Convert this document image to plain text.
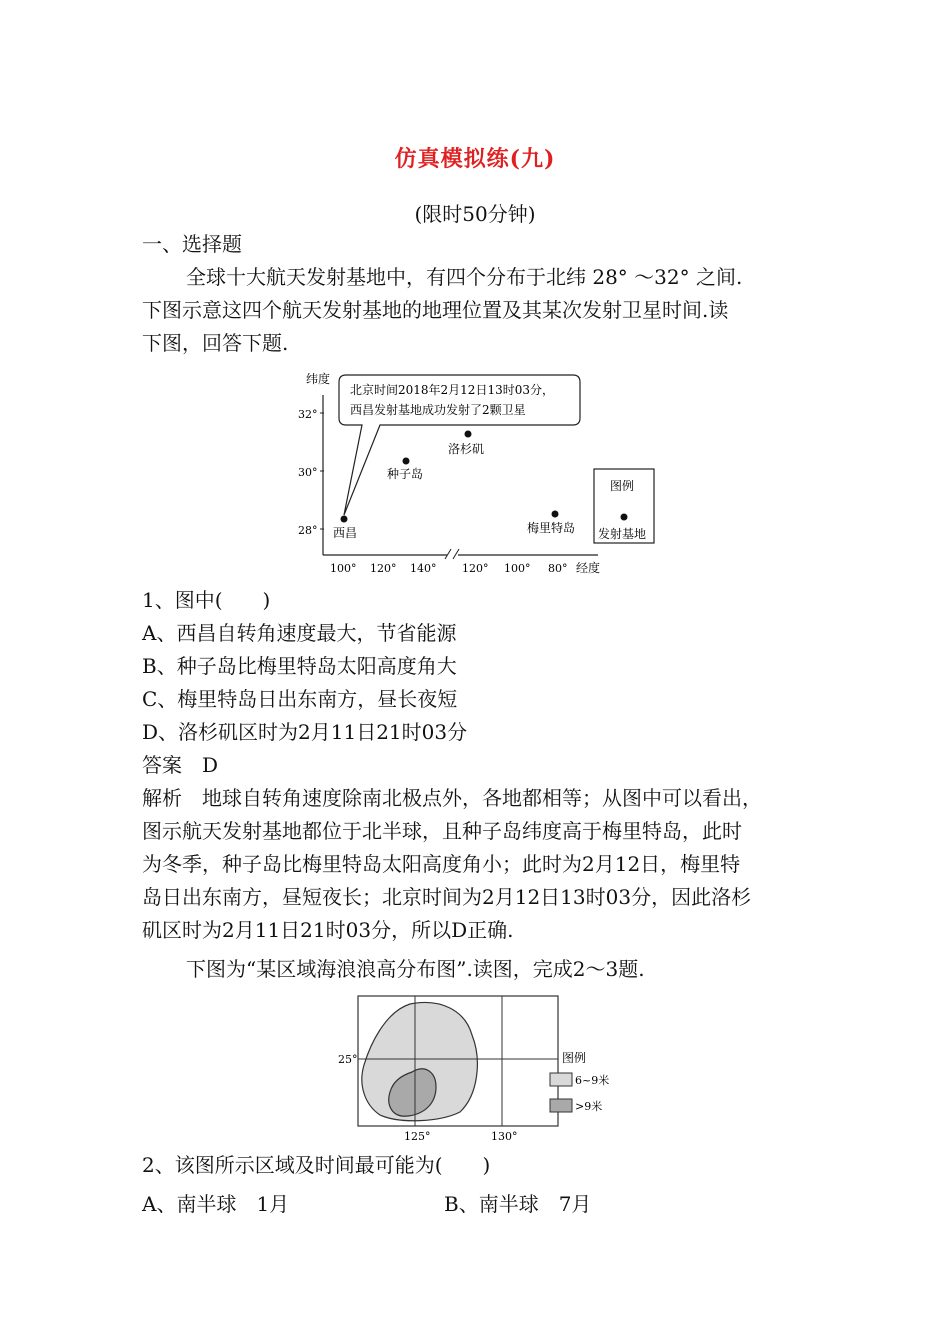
仿真模拟练(九)
(限时50分钟)
一、选择题
全球十大航天发射基地中，有四个分布于北纬 28° ～32° 之间.
下图示意这四个航天发射基地的地理位置及其某次发射卫星时间.读
下图，回答下题.
纬度
32°
30°
28°
100° 120° 140° 120° 100° 80° 经度
北京时间2018年2月12日13时03分，
西昌发射基地成功发射了2颗卫星
西昌
种子岛
洛杉矶
梅里特岛
图例
发射基地
1、图中(　　)
A、西昌自转角速度最大，节省能源
B、种子岛比梅里特岛太阳高度角大
C、梅里特岛日出东南方，昼长夜短
D、洛杉矶区时为2月11日21时03分
答案　D
解析　地球自转角速度除南北极点外，各地都相等；从图中可以看出，
图示航天发射基地都位于北半球，且种子岛纬度高于梅里特岛，此时
为冬季，种子岛比梅里特岛太阳高度角小；此时为2月12日，梅里特
岛日出东南方，昼短夜长；北京时间为2月12日13时03分，因此洛杉
矶区时为2月11日21时03分，所以D正确.
下图为“某区域海浪浪高分布图”.读图，完成2～3题.
25°
125°	130°
图例
6~9米
>9米
2、该图所示区域及时间最可能为(　　)
A、南半球　1月	B、南半球　7月
